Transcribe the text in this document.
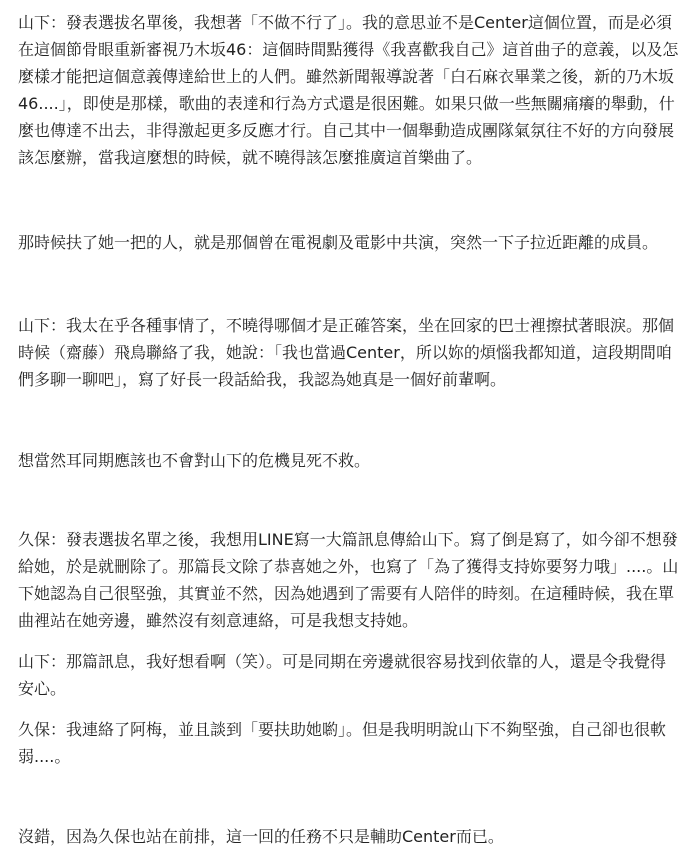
山下：發表選拔名單後，我想著「不做不行了」。我的意思並不是Center這個位置，而是必須在這個節骨眼重新審視乃木坂46：這個時間點獲得《我喜歡我自己》這首曲子的意義，以及怎麼樣才能把這個意義傳達給世上的人們。雖然新聞報導說著「白石麻衣畢業之後，新的乃木坂46....」，即使是那樣，歌曲的表達和行為方式還是很困難。如果只做一些無關痛癢的舉動，什麼也傳達不出去，非得激起更多反應才行。自己其中一個舉動造成團隊氣氛往不好的方向發展該怎麼辦，當我這麼想的時候，就不曉得該怎麼推廣這首樂曲了。

那時候扶了她一把的人，就是那個曾在電視劇及電影中共演，突然一下子拉近距離的成員。

山下：我太在乎各種事情了，不曉得哪個才是正確答案，坐在回家的巴士裡擦拭著眼淚。那個時候（齋藤）飛鳥聯絡了我，她說：「我也當過Center，所以妳的煩惱我都知道，這段期間咱們多聊一聊吧」，寫了好長一段話給我，我認為她真是一個好前輩啊。

想當然耳同期應該也不會對山下的危機見死不救。

久保：發表選拔名單之後，我想用LINE寫一大篇訊息傳給山下。寫了倒是寫了，如今卻不想發給她，於是就刪除了。那篇長文除了恭喜她之外，也寫了「為了獲得支持妳要努力哦」....。山下她認為自己很堅強，其實並不然，因為她遇到了需要有人陪伴的時刻。在這種時候，我在單曲裡站在她旁邊，雖然沒有刻意連絡，可是我想支持她。

山下：那篇訊息，我好想看啊（笑）。可是同期在旁邊就很容易找到依靠的人，還是令我覺得安心。

久保：我連絡了阿梅，並且談到「要扶助她喲」。但是我明明說山下不夠堅強，自己卻也很軟弱....。

沒錯，因為久保也站在前排，這一回的任務不只是輔助Center而已。
